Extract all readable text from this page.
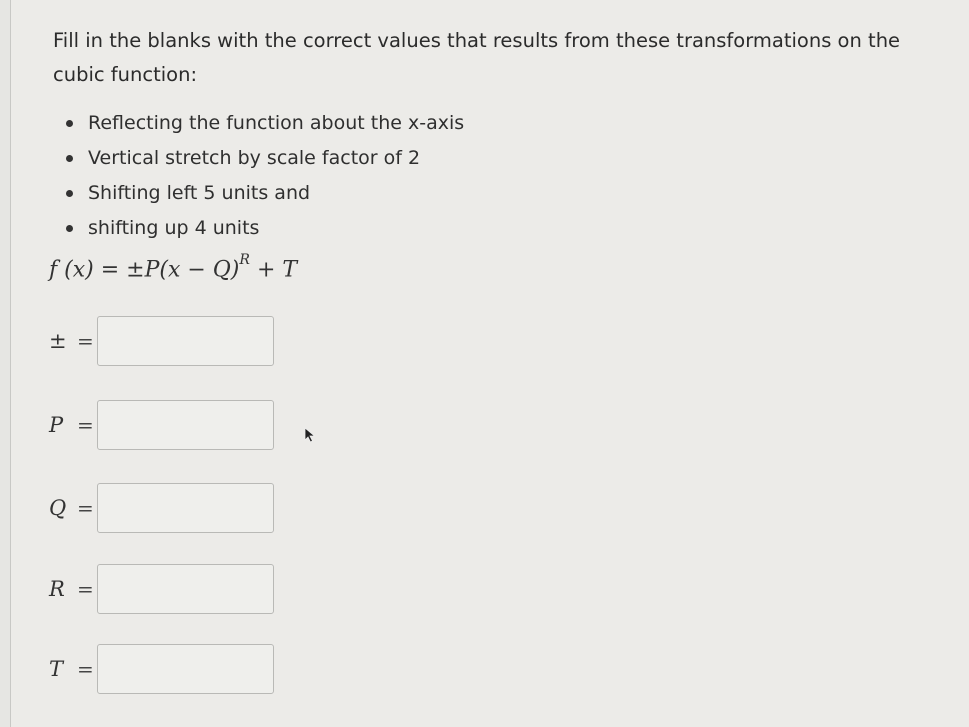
Fill in the blanks with the correct values that results from these transformations on the cubic function:
Reflecting the function about the x-axis
Vertical stretch by scale factor of 2
Shifting left 5 units and
shifting up 4 units
f $(x) = \pm P(x - Q)^R + T$
± =
P =
Q =
R =
T =
